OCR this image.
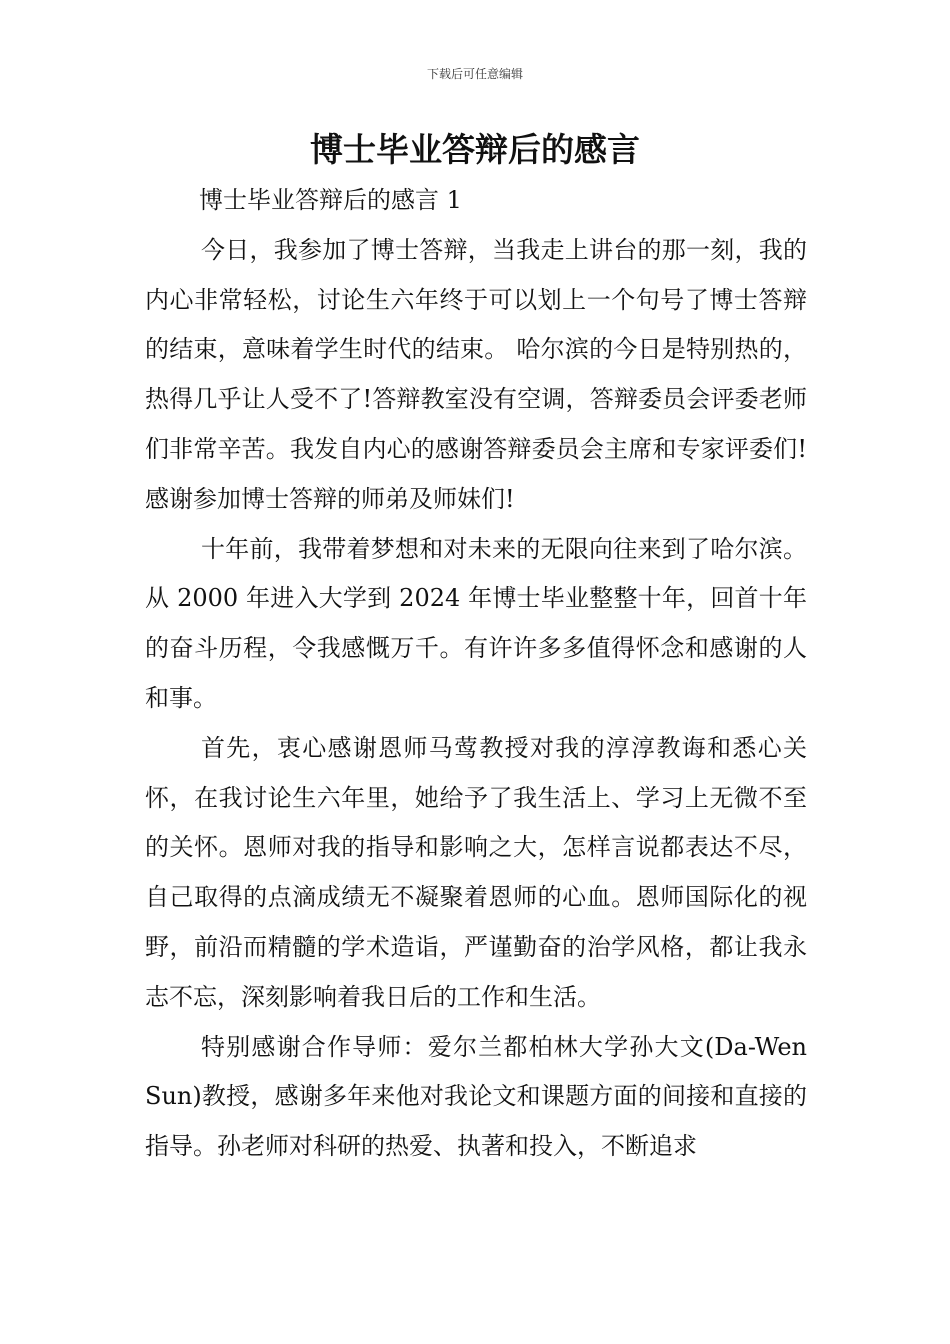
下载后可任意编辑
博士毕业答辩后的感言

博士毕业答辩后的感言 1

今日，我参加了博士答辩，当我走上讲台的那一刻，我的内心非常轻松，讨论生六年终于可以划上一个句号了博士答辩的结束，意味着学生时代的结束。 哈尔滨的今日是特别热的，热得几乎让人受不了!答辩教室没有空调，答辩委员会评委老师们非常辛苦。我发自内心的感谢答辩委员会主席和专家评委们!感谢参加博士答辩的师弟及师妹们!

十年前，我带着梦想和对未来的无限向往来到了哈尔滨。从 2000 年进入大学到 2024 年博士毕业整整十年，回首十年的奋斗历程，令我感慨万千。有许许多多值得怀念和感谢的人和事。

首先，衷心感谢恩师马莺教授对我的淳淳教诲和悉心关怀，在我讨论生六年里，她给予了我生活上、学习上无微不至的关怀。恩师对我的指导和影响之大，怎样言说都表达不尽，自己取得的点滴成绩无不凝聚着恩师的心血。恩师国际化的视野，前沿而精髓的学术造诣，严谨勤奋的治学风格，都让我永志不忘，深刻影响着我日后的工作和生活。

特别感谢合作导师：爱尔兰都柏林大学孙大文(Da-Wen Sun)教授，感谢多年来他对我论文和课题方面的间接和直接的指导。孙老师对科研的热爱、执著和投入，不断追求
